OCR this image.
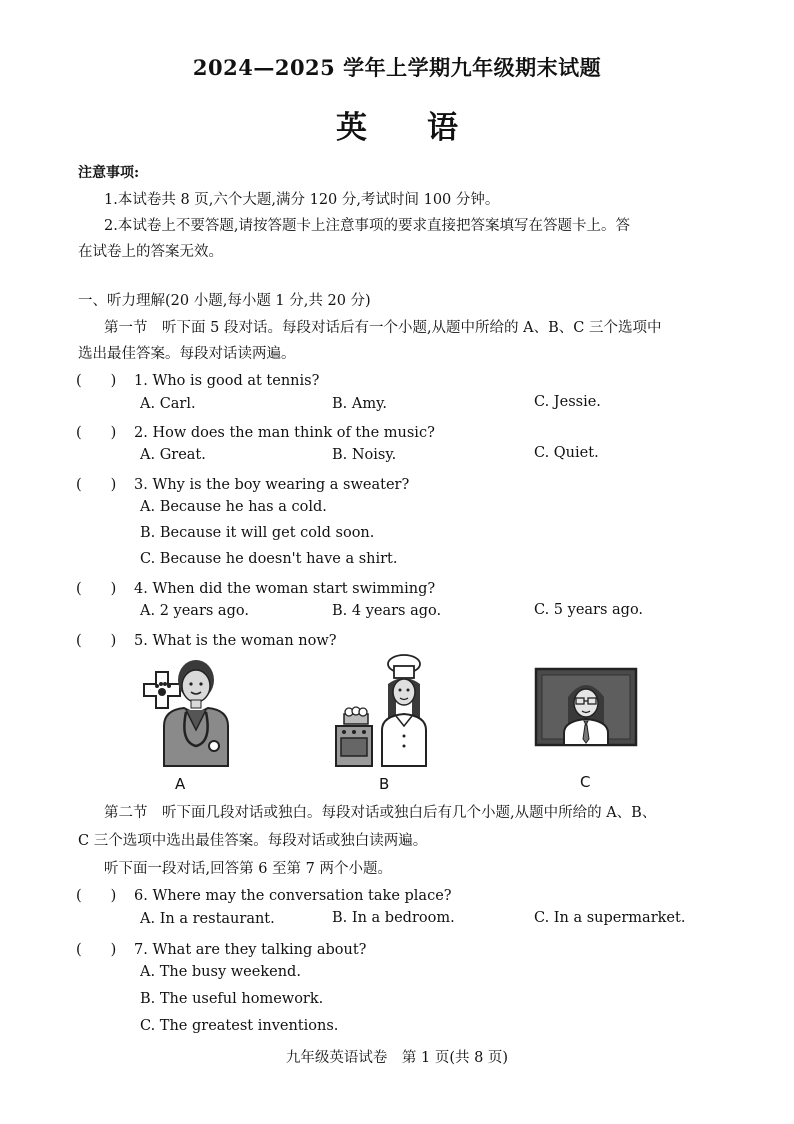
2024—2025 学年上学期九年级期末试题
英语
注意事项:
1.本试卷共 8 页,六个大题,满分 120 分,考试时间 100 分钟。
2.本试卷上不要答题,请按答题卡上注意事项的要求直接把答案填写在答题卡上。答
在试卷上的答案无效。
一、听力理解(20 小题,每小题 1 分,共 20 分)
第一节　听下面 5 段对话。每段对话后有一个小题,从题中所给的 A、B、C 三个选项中
选出最佳答案。每段对话读两遍。
(　　) 1. Who is good at tennis?
A. Carl.	B. Amy.	C. Jessie.
(　　) 2. How does the man think of the music?
A. Great.	B. Noisy.	C. Quiet.
(　　) 3. Why is the boy wearing a sweater?
A. Because he has a cold.
B. Because it will get cold soon.
C. Because he doesn't have a shirt.
(　　) 4. When did the woman start swimming?
A. 2 years ago.	B. 4 years ago.	C. 5 years ago.
(　　) 5. What is the woman now?
A	B	C
第二节　听下面几段对话或独白。每段对话或独白后有几个小题,从题中所给的 A、B、
C 三个选项中选出最佳答案。每段对话或独白读两遍。
听下面一段对话,回答第 6 至第 7 两个小题。
(　　) 6. Where may the conversation take place?
A. In a restaurant.	B. In a bedroom.	C. In a supermarket.
(　　) 7. What are they talking about?
A. The busy weekend.
B. The useful homework.
C. The greatest inventions.
九年级英语试卷　第 1 页(共 8 页)
